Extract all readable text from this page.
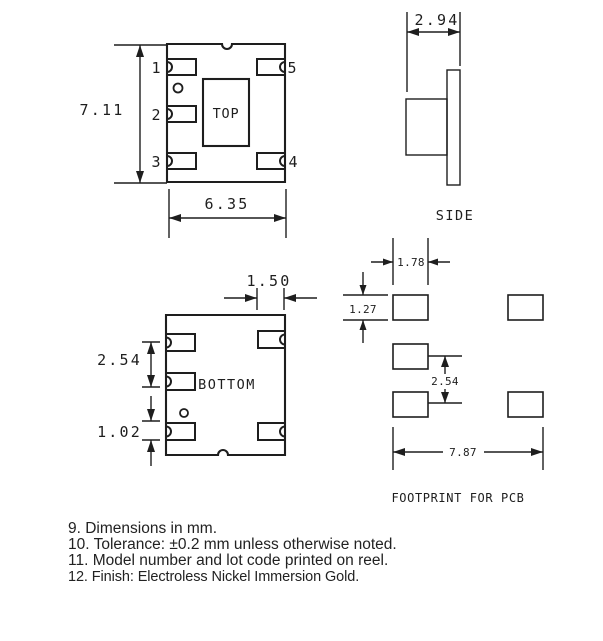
TOP
1
2
3
5
4
7.11
6.35
2.94
SIDE
BOTTOM
1.50
2.54
1.02
1.78
1.27
2.54
7.87
FOOTPRINT FOR PCB
9. Dimensions in mm.
10. Tolerance: ±0.2 mm unless otherwise noted.
11. Model number and lot code printed on reel.
12. Finish: Electroless Nickel Immersion Gold.
